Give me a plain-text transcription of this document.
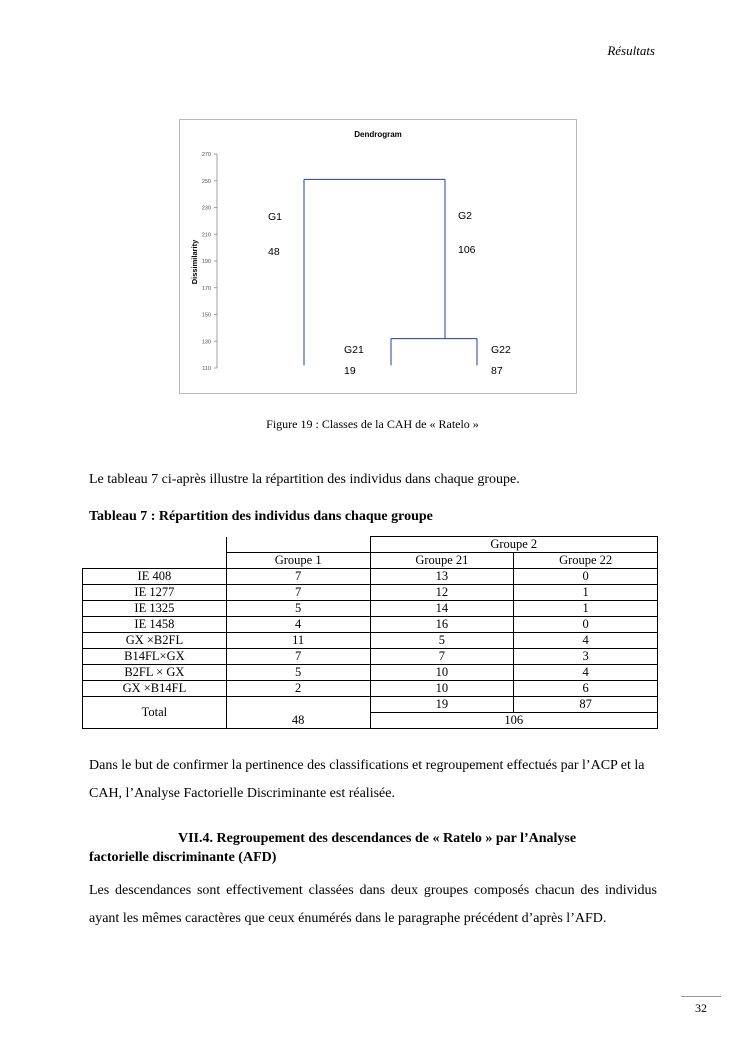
Résultats
Dendrogram
Dissimilarity
270
250
230
210
190
170
150
130
110
G1
48
G2
106
G21
19
G22
87
Figure 19 : Classes de la CAH de « Ratelo »
Le tableau 7 ci-après illustre la répartition des individus dans chaque groupe.
Tableau 7 : Répartition des individus dans chaque groupe
		Groupe 2	
	Groupe 1	Groupe 21	Groupe 22
IE 408	7	13	0
IE 1277	7	12	1
IE 1325	5	14	1
IE 1458	4	16	0
GX ×B2FL	11	5	4
B14FL×GX	7	7	3
B2FL × GX	5	10	4
GX ×B14FL	2	10	6
Total	48	19	87
		106	
Dans le but de confirmer la pertinence des classifications et regroupement effectués par l’ACP et la CAH, l’Analyse Factorielle Discriminante est réalisée.
VII.4. Regroupement des descendances de « Ratelo » par l’Analyse
factorielle discriminante (AFD)
Les descendances sont effectivement classées dans deux groupes composés chacun des individus ayant les mêmes caractères que ceux énumérés dans le paragraphe précédent d’après l’AFD.
32
